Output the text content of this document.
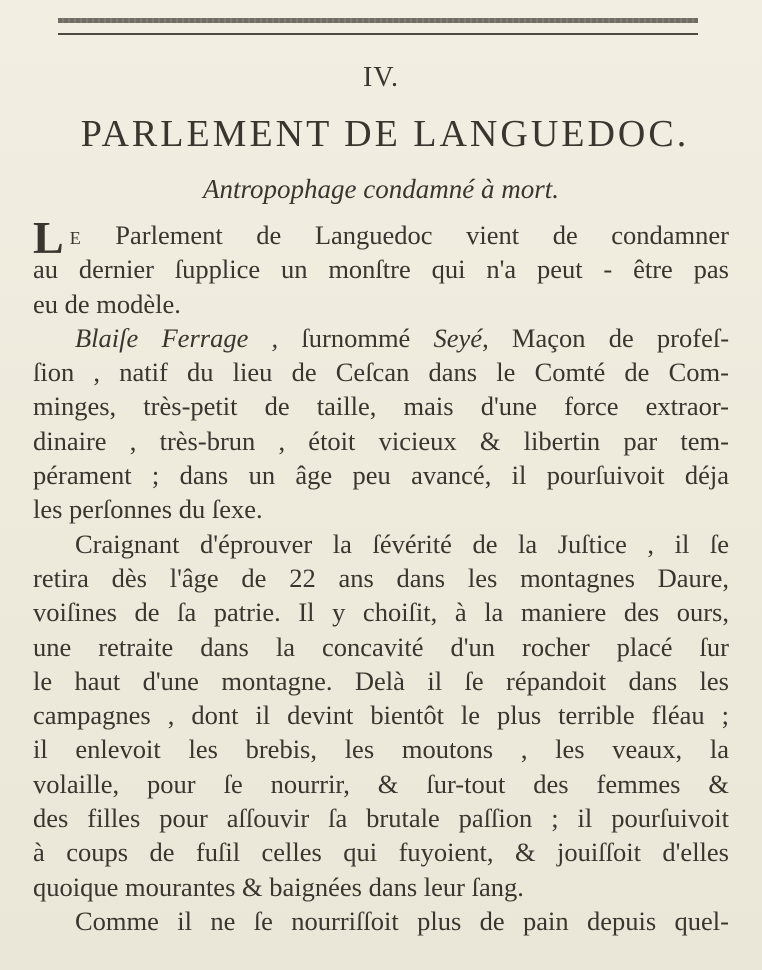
IV.
PARLEMENT DE LANGUEDOC.
Antropophage condamné à mort.
L E Parlement de Languedoc vient de condamner
au dernier ſupplice un monſtre qui n'a peut - être pas
eu de modèle.
Blaiſe Ferrage , ſurnommé Seyé, Maçon de profeſ-
ſion , natif du lieu de Ceſcan dans le Comté de Com-
minges, très-petit de taille, mais d'une force extraor-
dinaire , très-brun , étoit vicieux & libertin par tem-
pérament ; dans un âge peu avancé, il pourſuivoit déja
les perſonnes du ſexe.
Craignant d'éprouver la ſévérité de la Juſtice , il ſe
retira dès l'âge de 22 ans dans les montagnes Daure,
voiſines de ſa patrie. Il y choiſit, à la maniere des ours,
une retraite dans la concavité d'un rocher placé ſur
le haut d'une montagne. Delà il ſe répandoit dans les
campagnes , dont il devint bientôt le plus terrible fléau ;
il enlevoit les brebis, les moutons , les veaux, la
volaille, pour ſe nourrir, & ſur-tout des femmes &
des filles pour aſſouvir ſa brutale paſſion ; il pourſuivoit
à coups de fuſil celles qui fuyoient, & jouiſſoit d'elles
quoique mourantes & baignées dans leur ſang.
Comme il ne ſe nourriſſoit plus de pain depuis quel-
